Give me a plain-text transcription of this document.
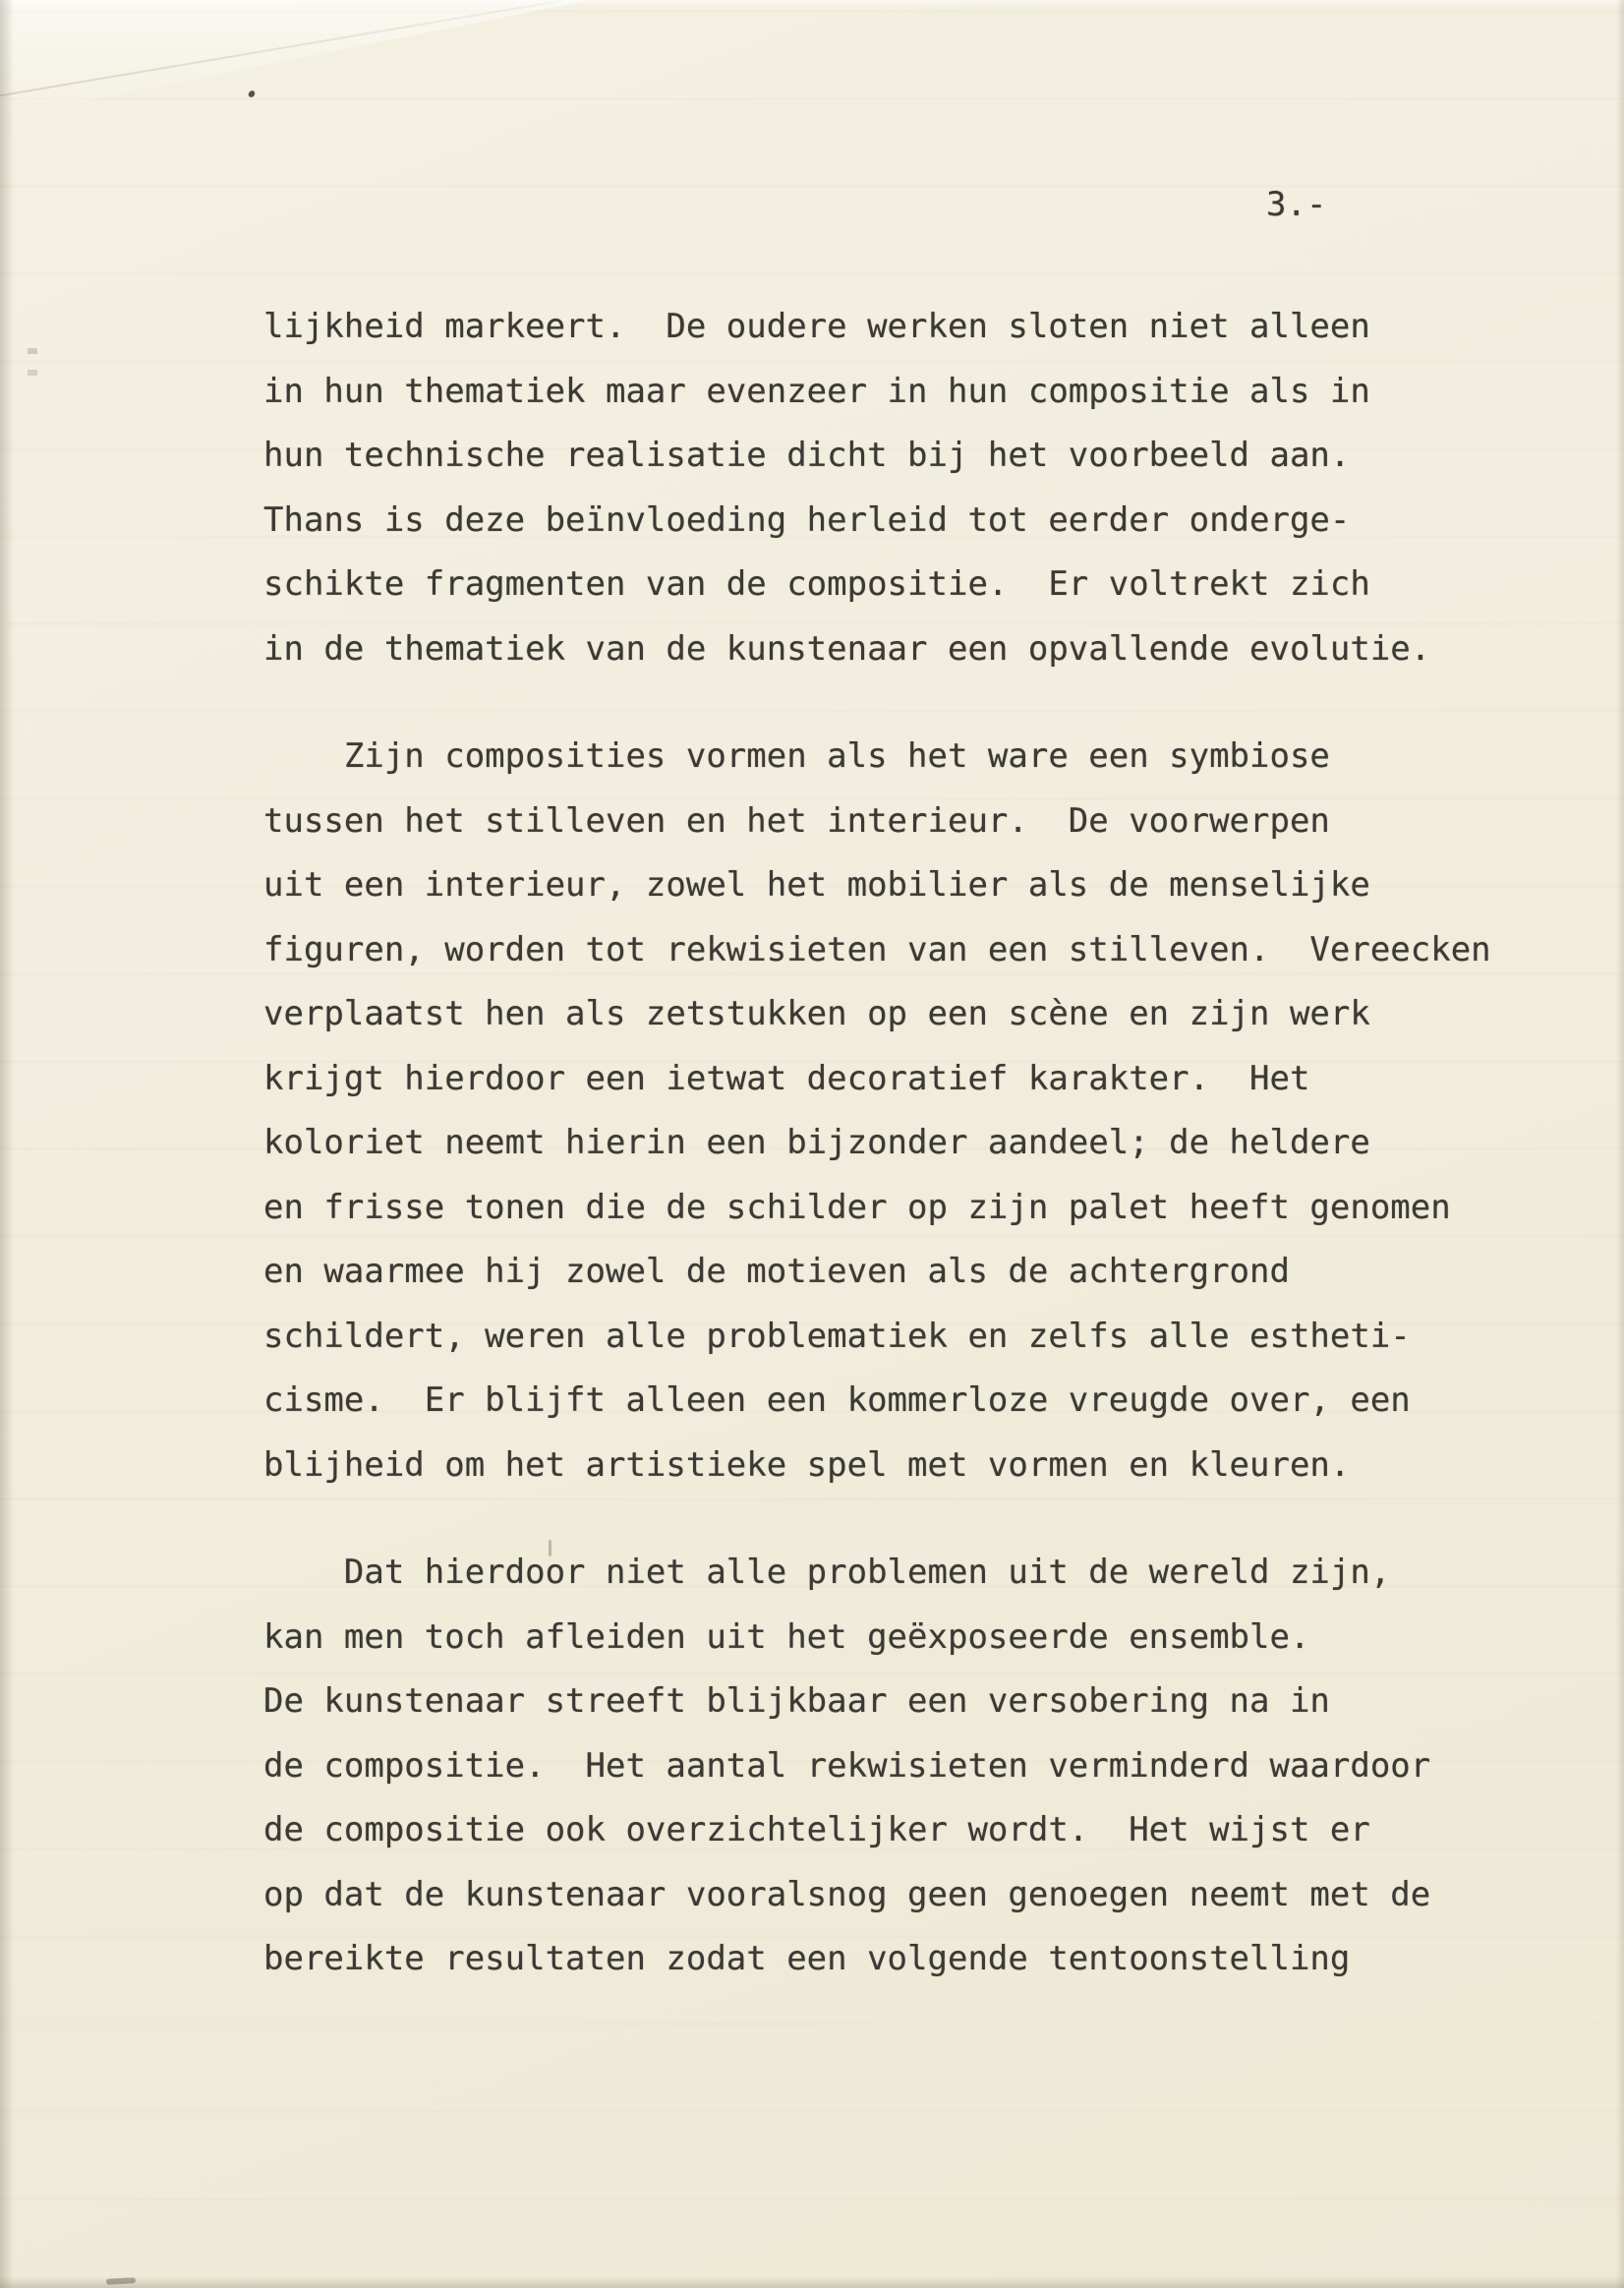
3.-
lijkheid markeert.  De oudere werken sloten niet alleen
in hun thematiek maar evenzeer in hun compositie als in
hun technische realisatie dicht bij het voorbeeld aan.
Thans is deze beïnvloeding herleid tot eerder onderge-
schikte fragmenten van de compositie.  Er voltrekt zich
in de thematiek van de kunstenaar een opvallende evolutie.
Zijn composities vormen als het ware een symbiose
tussen het stilleven en het interieur.  De voorwerpen
uit een interieur, zowel het mobilier als de menselijke
figuren, worden tot rekwisieten van een stilleven.  Vereecken
verplaatst hen als zetstukken op een scène en zijn werk
krijgt hierdoor een ietwat decoratief karakter.  Het
koloriet neemt hierin een bijzonder aandeel; de heldere
en frisse tonen die de schilder op zijn palet heeft genomen
en waarmee hij zowel de motieven als de achtergrond
schildert, weren alle problematiek en zelfs alle estheti-
cisme.  Er blijft alleen een kommerloze vreugde over, een
blijheid om het artistieke spel met vormen en kleuren.
Dat hierdoor niet alle problemen uit de wereld zijn,
kan men toch afleiden uit het geëxposeerde ensemble.
De kunstenaar streeft blijkbaar een versobering na in
de compositie.  Het aantal rekwisieten verminderd waardoor
de compositie ook overzichtelijker wordt.  Het wijst er
op dat de kunstenaar vooralsnog geen genoegen neemt met de
bereikte resultaten zodat een volgende tentoonstelling
